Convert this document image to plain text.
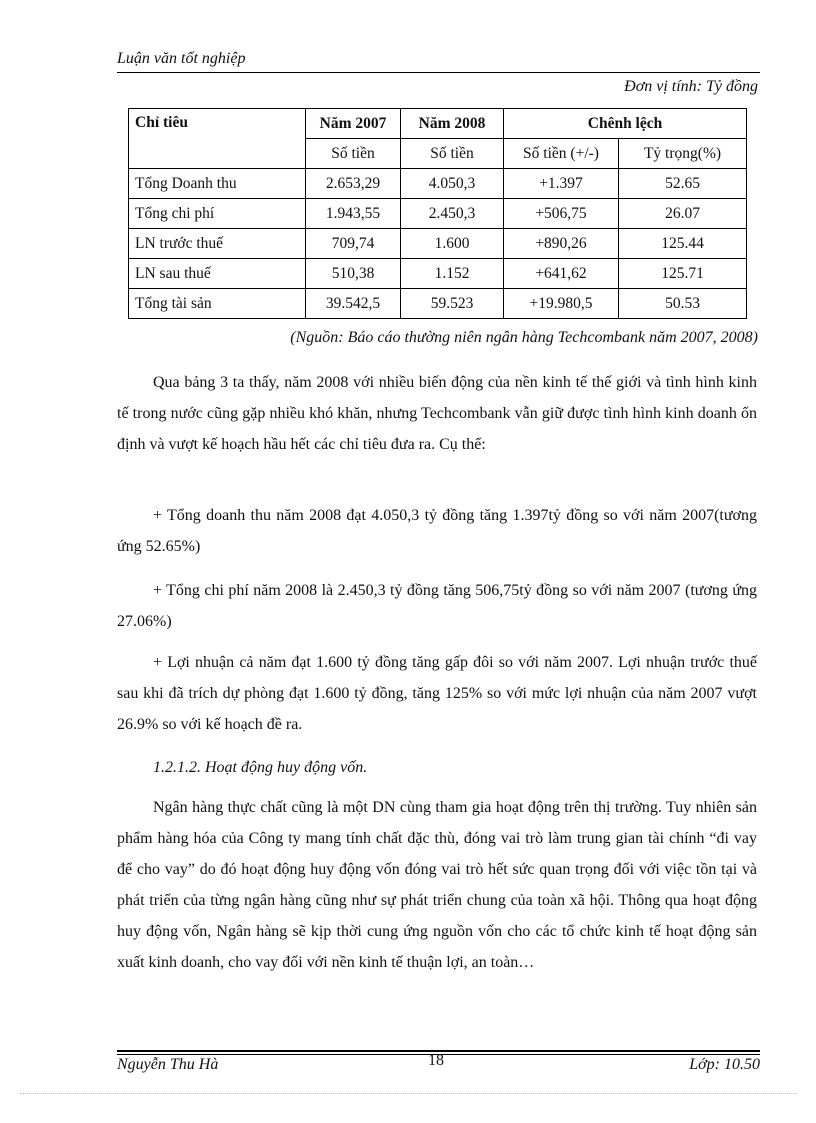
Luận văn tốt nghiệp
Đơn vị tính: Tỷ đồng
Chỉ tiêu	Năm 2007	Năm 2008	Chênh lệch	
	Số tiền	Số tiền	Số tiền (+/-)	Tỷ trọng(%)
Tổng Doanh thu	2.653,29	4.050,3	+1.397	52.65
Tổng chi phí	1.943,55	2.450,3	+506,75	26.07
LN trước thuế	709,74	1.600	+890,26	125.44
LN sau thuế	510,38	1.152	+641,62	125.71
Tổng tài sản	39.542,5	59.523	+19.980,5	50.53
(Nguồn: Báo cáo thường niên ngân hàng Techcombank năm 2007, 2008)

Qua bảng 3 ta thấy, năm 2008 với nhiều biến động của nền kinh tế thế giới và tình hình kinh tế trong nước cũng gặp nhiều khó khăn, nhưng Techcombank vẫn giữ được tình hình kinh doanh ổn định và vượt kế hoạch hầu hết các chỉ tiêu đưa ra. Cụ thể:

+ Tổng doanh thu năm 2008 đạt 4.050,3 tỷ đồng tăng 1.397tỷ đồng so với năm 2007(tương ứng 52.65%)

+ Tổng chi phí năm 2008 là 2.450,3 tỷ đồng tăng 506,75tỷ đồng so với năm 2007 (tương ứng 27.06%)

+ Lợi nhuận cả năm đạt 1.600 tỷ đồng tăng gấp đôi so với năm 2007. Lợi nhuận trước thuế sau khi đã trích dự phòng đạt 1.600 tỷ đồng, tăng 125% so với mức lợi nhuận của năm 2007 vượt 26.9% so với kế hoạch đề ra.

1.2.1.2. Hoạt động huy động vốn.

Ngân hàng thực chất cũng là một DN cùng tham gia hoạt động trên thị trường. Tuy nhiên sản phẩm hàng hóa của Công ty mang tính chất đặc thù, đóng vai trò làm trung gian tài chính “đi vay để cho vay” do đó hoạt động huy động vốn đóng vai trò hết sức quan trọng đối với việc tồn tại và phát triển của từng ngân hàng cũng như sự phát triển chung của toàn xã hội. Thông qua hoạt động huy động vốn, Ngân hàng sẽ kịp thời cung ứng nguồn vốn cho các tổ chức kinh tế hoạt động sản xuất kinh doanh, cho vay đối với nền kinh tế thuận lợi, an toàn…

Nguyễn Thu Hà	18	Lớp: 10.50
